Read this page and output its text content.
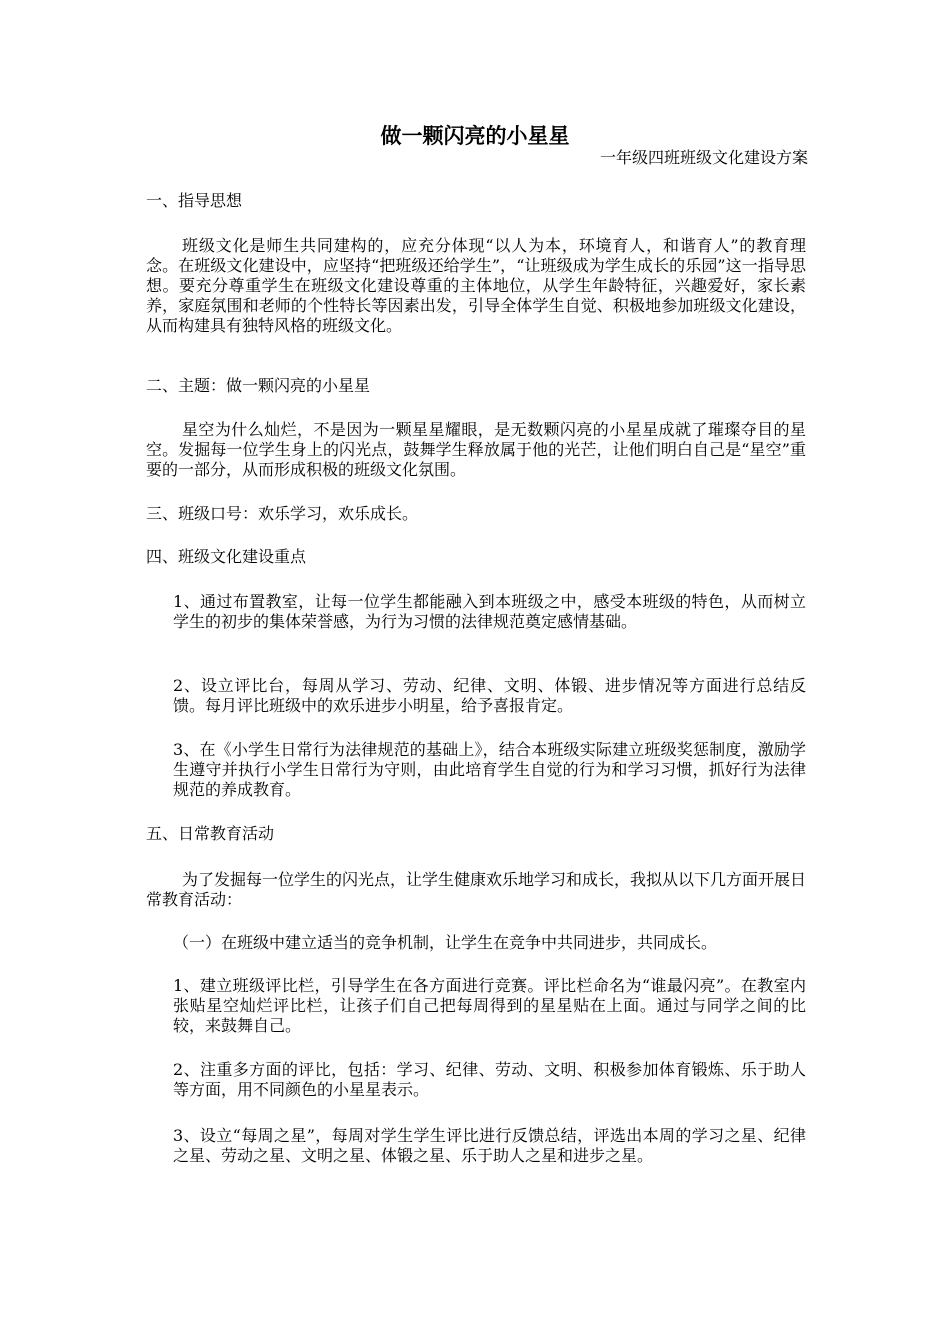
做一颗闪亮的小星星
一年级四班班级文化建设方案
一、指导思想

班级文化是师生共同建构的，应充分体现“以人为本，环境育人，和谐育人”的教育理念。在班级文化建设中，应坚持“把班级还给学生”，“让班级成为学生成长的乐园”这一指导思想。要充分尊重学生在班级文化建设尊重的主体地位，从学生年龄特征，兴趣爱好，家长素养，家庭氛围和老师的个性特长等因素出发，引导全体学生自觉、积极地参加班级文化建设，从而构建具有独特风格的班级文化。

二、主题：做一颗闪亮的小星星

星空为什么灿烂，不是因为一颗星星耀眼，是无数颗闪亮的小星星成就了璀璨夺目的星空。发掘每一位学生身上的闪光点，鼓舞学生释放属于他的光芒，让他们明白自己是“星空”重要的一部分，从而形成积极的班级文化氛围。

三、班级口号：欢乐学习，欢乐成长。
四、班级文化建设重点

1、通过布置教室，让每一位学生都能融入到本班级之中，感受本班级的特色，从而树立学生的初步的集体荣誉感，为行为习惯的法律规范奠定感情基础。

2、设立评比台，每周从学习、劳动、纪律、文明、体锻、进步情况等方面进行总结反馈。每月评比班级中的欢乐进步小明星，给予喜报肯定。

3、在《小学生日常行为法律规范的基础上》，结合本班级实际建立班级奖惩制度，激励学生遵守并执行小学生日常行为守则，由此培育学生自觉的行为和学习习惯，抓好行为法律规范的养成教育。

五、日常教育活动

为了发掘每一位学生的闪光点，让学生健康欢乐地学习和成长，我拟从以下几方面开展日常教育活动：

（一）在班级中建立适当的竞争机制，让学生在竞争中共同进步，共同成长。

1、建立班级评比栏，引导学生在各方面进行竞赛。评比栏命名为“谁最闪亮”。在教室内张贴星空灿烂评比栏，让孩子们自己把每周得到的星星贴在上面。通过与同学之间的比较，来鼓舞自己。

2、注重多方面的评比，包括：学习、纪律、劳动、文明、积极参加体育锻炼、乐于助人等方面，用不同颜色的小星星表示。

3、设立“每周之星”，每周对学生学生评比进行反馈总结，评选出本周的学习之星、纪律之星、劳动之星、文明之星、体锻之星、乐于助人之星和进步之星。
